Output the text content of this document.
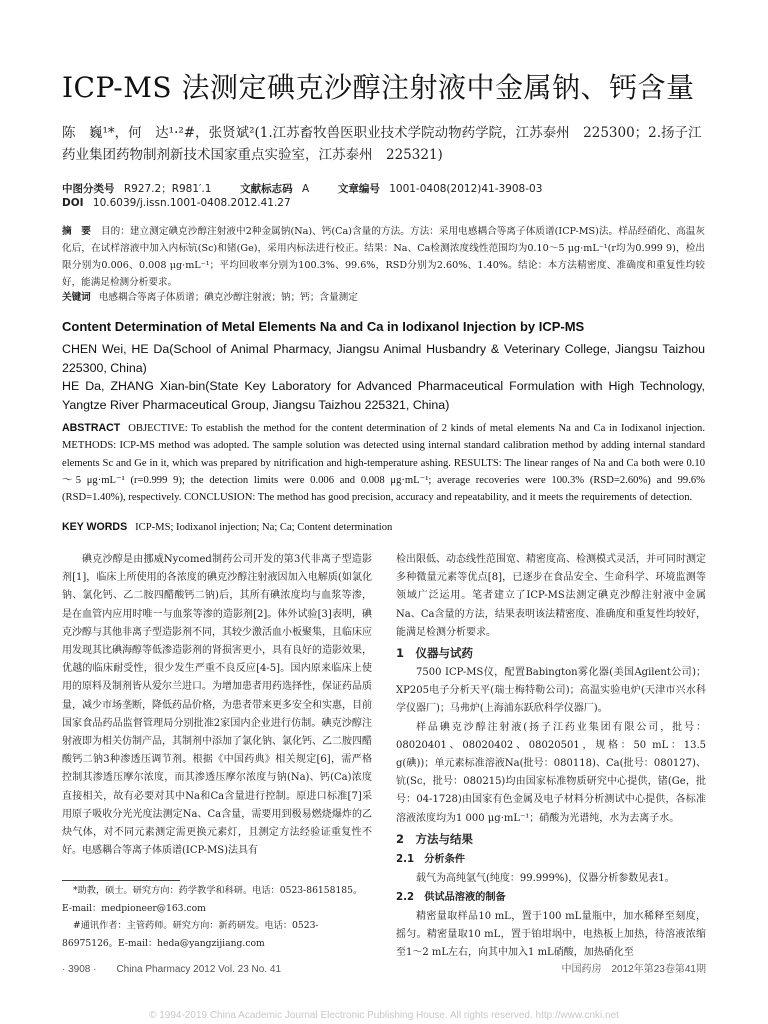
ICP-MS 法测定碘克沙醇注射液中金属钠、钙含量
陈　巍¹*，何　达¹·²#，张贤斌²(1.江苏畜牧兽医职业技术学院动物药学院，江苏泰州　225300；2.扬子江药业集团药物制剂新技术国家重点实验室，江苏泰州　225321)
中图分类号 R927.2；R981′.1	文献标志码 A	文章编号 1001-0408(2012)41-3908-03
DOI 10.6039/j.issn.1001-0408.2012.41.27
摘　要 目的：建立测定碘克沙醇注射液中2种金属钠(Na)、钙(Ca)含量的方法。方法：采用电感耦合等离子体质谱(ICP-MS)法。样品经硝化、高温灰化后，在试样溶液中加入内标钪(Sc)和锗(Ge)，采用内标法进行校正。结果：Na、Ca检测浓度线性范围均为0.10～5 μg·mL⁻¹(r均为0.999 9)，检出限分别为0.006、0.008 μg·mL⁻¹；平均回收率分别为100.3%、99.6%，RSD分别为2.60%、1.40%。结论：本方法精密度、准确度和重复性均较好，能满足检测分析要求。
关键词 电感耦合等离子体质谱；碘克沙醇注射液；钠；钙；含量测定
Content Determination of Metal Elements Na and Ca in Iodixanol Injection by ICP-MS
CHEN Wei, HE Da(School of Animal Pharmacy, Jiangsu Animal Husbandry & Veterinary College, Jiangsu Taizhou 225300, China)
HE Da, ZHANG Xian-bin(State Key Laboratory for Advanced Pharmaceutical Formulation with High Technology, Yangtze River Pharmaceutical Group, Jiangsu Taizhou 225321, China)
ABSTRACT OBJECTIVE: To establish the method for the content determination of 2 kinds of metal elements Na and Ca in Iodixanol injection. METHODS: ICP-MS method was adopted. The sample solution was detected using internal standard calibration method by adding internal standard elements Sc and Ge in it, which was prepared by nitrification and high-temperature ashing. RESULTS: The linear ranges of Na and Ca both were 0.10～5 μg·mL⁻¹ (r=0.999 9); the detection limits were 0.006 and 0.008 μg·mL⁻¹; average recoveries were 100.3% (RSD=2.60%) and 99.6% (RSD=1.40%), respectively. CONCLUSION: The method has good precision, accuracy and repeatability, and it meets the requirements of detection.
KEY WORDS ICP-MS; Iodixanol injection; Na; Ca; Content determination

碘克沙醇是由挪威Nycomed制药公司开发的第3代非离子型造影剂[1]，临床上所使用的各浓度的碘克沙醇注射液因加入电解质(如氯化钠、氯化钙、乙二胺四醋酸钙二钠)后，其所有碘浓度均与血浆等渗，是在血管内应用时唯一与血浆等渗的造影剂[2]。体外试验[3]表明，碘克沙醇与其他非离子型造影剂不同，其较少激活血小板聚集，且临床应用发现其比碘海醇等低渗造影剂的肾损害更小，具有良好的造影效果，优越的临床耐受性，很少发生严重不良反应[4-5]。国内原来临床上使用的原料及制剂皆从爱尔兰进口。为增加患者用药选择性，保证药品质量，减少市场垄断，降低药品价格，为患者带来更多安全和实惠，目前国家食品药品监督管理局分别批准2家国内企业进行仿制。碘克沙醇注射液即为相关仿制产品，其制剂中添加了氯化钠、氯化钙、乙二胺四醋酸钙二钠3种渗透压调节剂。根据《中国药典》相关规定[6]，需严格控制其渗透压摩尔浓度，而其渗透压摩尔浓度与钠(Na)、钙(Ca)浓度直接相关，故有必要对其中Na和Ca含量进行控制。原进口标准[7]采用原子吸收分光光度法测定Na、Ca含量，需要用到极易燃烧爆炸的乙炔气体，对不同元素测定需更换元素灯，且测定方法经验证重复性不好。电感耦合等离子体质谱(ICP-MS)法具有

检出限低、动态线性范围宽、精密度高、检测模式灵活，并可同时测定多种微量元素等优点[8]，已逐步在食品安全、生命科学、环境监测等领域广泛运用。笔者建立了ICP-MS法测定碘克沙醇注射液中金属Na、Ca含量的方法，结果表明该法精密度、准确度和重复性均较好，能满足检测分析要求。

1　仪器与试药

7500 ICP-MS仪，配置Babington雾化器(美国Agilent公司)；XP205电子分析天平(瑞士梅特勒公司)；高温实验电炉(天津市兴水科学仪器厂)；马弗炉(上海浦东跃欣科学仪器厂)。

样品碘克沙醇注射液(扬子江药业集团有限公司，批号：08020401、08020402、08020501，规格：50 mL：13.5 g(碘))；单元素标准溶液Na(批号：080118)、Ca(批号：080127)、钪(Sc，批号：080215)均由国家标准物质研究中心提供，锗(Ge，批号：04-1728)由国家有色金属及电子材料分析测试中心提供，各标准溶液浓度均为1 000 μg·mL⁻¹；硝酸为光谱纯，水为去离子水。

2　方法与结果
2.1　分析条件

载气为高纯氩气(纯度：99.999%)，仪器分析参数见表1。

2.2　供试品溶液的制备

精密量取样品10 mL，置于100 mL量瓶中，加水稀释至刻度，摇匀。精密量取10 mL，置于铂坩埚中，电热板上加热，待溶液浓缩至1～2 mL左右，向其中加入1 mL硝酸，加热硝化至

*助教，硕士。研究方向：药学教学和科研。电话：0523-86158185。E-mail：medpioneer@163.com

#通讯作者：主管药师。研究方向：新药研发。电话：0523-86975126。E-mail：heda@yangzijiang.com

· 3908 ·　　China Pharmacy 2012 Vol. 23 No. 41	中国药房　2012年第23卷第41期
© 1994-2019 China Academic Journal Electronic Publishing House. All rights reserved. http://www.cnki.net
